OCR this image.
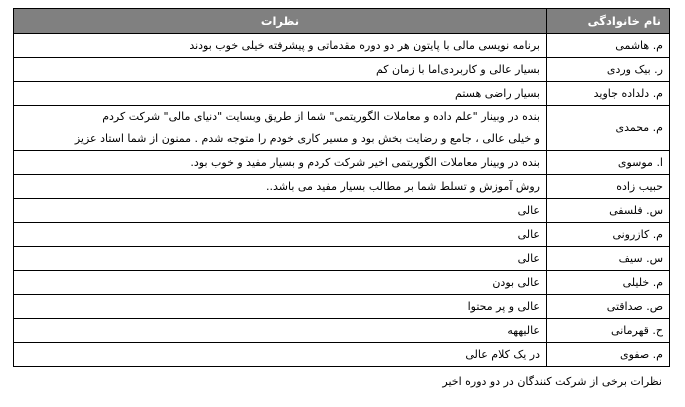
نام خانوادگی	نظرات
م. هاشمی	برنامه نویسی مالی با پایتون هر دو دوره مقدماتی و پیشرفته خیلی خوب بودند
ر. بیک وردی	بسیار عالی و کاربردی‌اما با زمان کم
م. دلداده جاوید	بسیار راضی هستم
م. محمدی	بنده در وبینار "علم داده و معاملات الگوریتمی" شما از طریق وبسایت "دنیای مالی" شرکت کردم
و خیلی عالی ، جامع و رضایت بخش بود و مسیر کاری خودم را متوجه شدم . ممنون از شما استاد عزیز

ا. موسوی	بنده در وبینار معاملات الگوریتمی اخیر شرکت کردم و بسیار مفید و خوب بود.
حبیب زاده	روش آموزش و تسلط شما بر مطالب بسیار مفید می باشد..
س. فلسفی	عالی
م. کازرونی	عالی
س. سیف	عالی
م. خلیلی	عالی بودن
ص. صداقتی	عالی و پر محتوا
ح. قهرمانی	عالیههه
م. صفوی	در یک کلام عالی
نظرات برخی از شرکت کنندگان در دو دوره اخیر
